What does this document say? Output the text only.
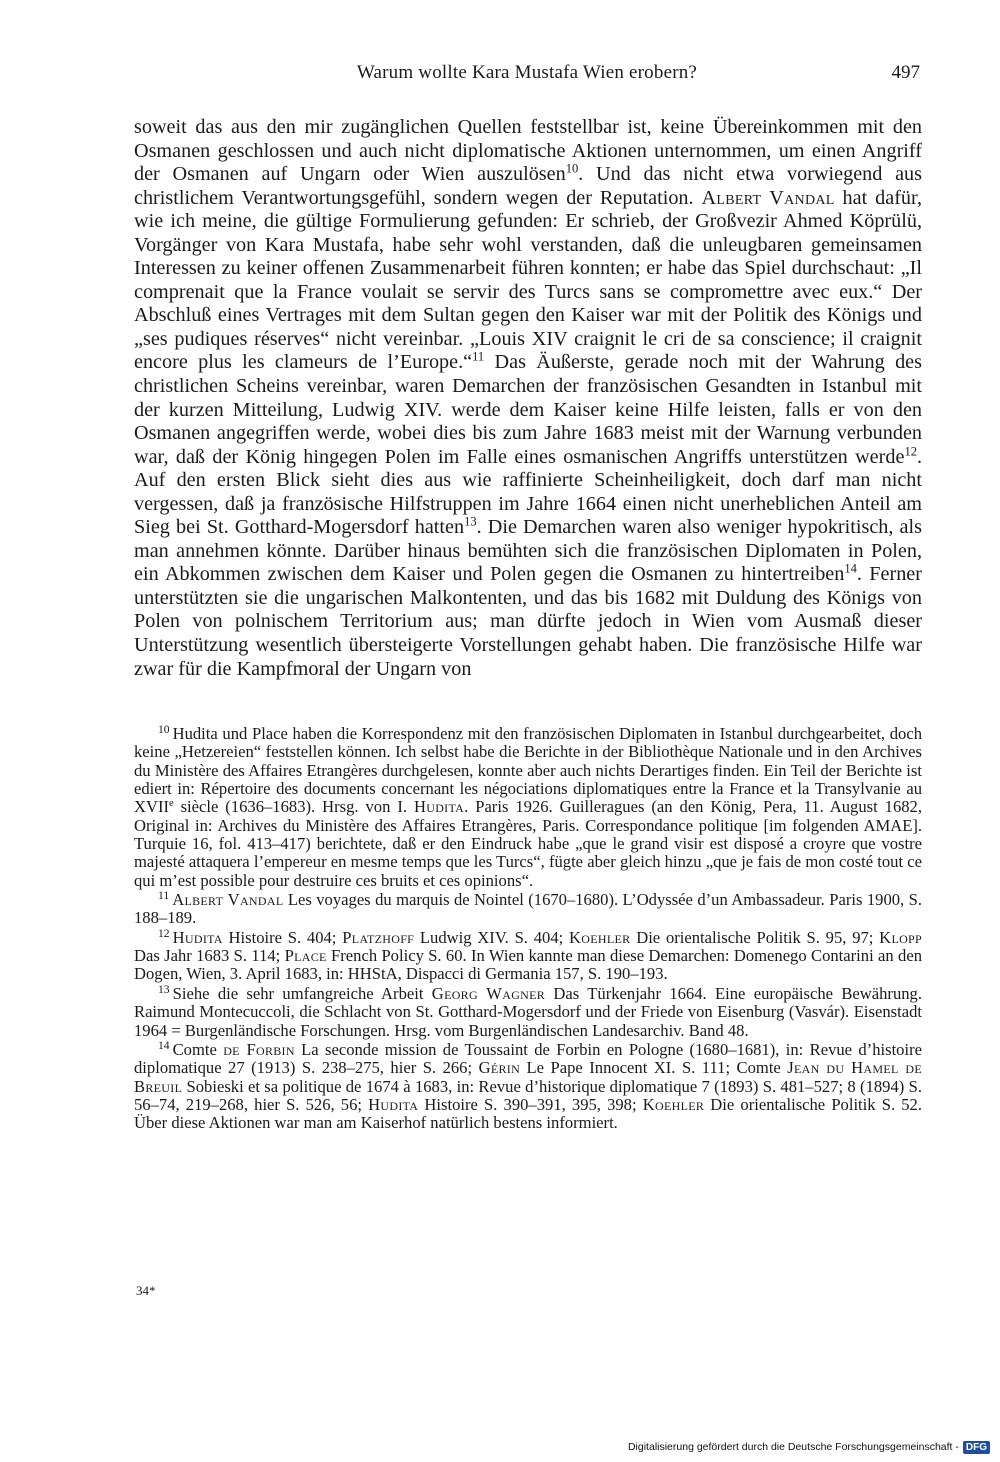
Warum wollte Kara Mustafa Wien erobern?	497

soweit das aus den mir zugänglichen Quellen feststellbar ist, keine Übereinkommen mit den Osmanen geschlossen und auch nicht diplomatische Aktionen unternommen, um einen Angriff der Osmanen auf Ungarn oder Wien auszulösen$^{10}$. Und das nicht etwa vorwiegend aus christlichem Verantwortungsgefühl, sondern wegen der Reputation. Albert Vandal hat dafür, wie ich meine, die gültige Formulierung gefunden: Er schrieb, der Großvezir Ahmed Köprülü, Vorgänger von Kara Mustafa, habe sehr wohl verstanden, daß die unleugbaren gemeinsamen Interessen zu keiner offenen Zusammenarbeit führen konnten; er habe das Spiel durchschaut: „Il comprenait que la France voulait se servir des Turcs sans se compromettre avec eux.“ Der Abschluß eines Vertrages mit dem Sultan gegen den Kaiser war mit der Politik des Königs und „ses pudiques réserves“ nicht vereinbar. „Louis XIV craignit le cri de sa conscience; il craignit encore plus les clameurs de l’Europe.“$^{11}$ Das Äußerste, gerade noch mit der Wahrung des christlichen Scheins vereinbar, waren Demarchen der französischen Gesandten in Istanbul mit der kurzen Mitteilung, Ludwig XIV. werde dem Kaiser keine Hilfe leisten, falls er von den Osmanen angegriffen werde, wobei dies bis zum Jahre 1683 meist mit der Warnung verbunden war, daß der König hingegen Polen im Falle eines osmanischen Angriffs unterstützen werde$^{12}$. Auf den ersten Blick sieht dies aus wie raffinierte Scheinheiligkeit, doch darf man nicht vergessen, daß ja französische Hilfstruppen im Jahre 1664 einen nicht unerheblichen Anteil am Sieg bei St. Gotthard-Mogersdorf hatten$^{13}$. Die Demarchen waren also weniger hypokritisch, als man annehmen könnte. Darüber hinaus bemühten sich die französischen Diplomaten in Polen, ein Abkommen zwischen dem Kaiser und Polen gegen die Osmanen zu hintertreiben$^{14}$. Ferner unterstützten sie die ungarischen Malkontenten, und das bis 1682 mit Duldung des Königs von Polen von polnischem Territorium aus; man dürfte jedoch in Wien vom Ausmaß dieser Unterstützung wesentlich übersteigerte Vorstellungen gehabt haben. Die französische Hilfe war zwar für die Kampfmoral der Ungarn von

$^{10}$ Hudita und Place haben die Korrespondenz mit den französischen Diplomaten in Istanbul durchgearbeitet, doch keine „Hetzereien“ feststellen können. Ich selbst habe die Berichte in der Bibliothèque Nationale und in den Archives du Ministère des Affaires Etrangères durchgelesen, konnte aber auch nichts Derartiges finden. Ein Teil der Berichte ist ediert in: Répertoire des documents concernant les négociations diplomatiques entre la France et la Transylvanie au XVIIe siècle (1636–1683). Hrsg. von I. Hudita. Paris 1926. Guilleragues (an den König, Pera, 11. August 1682, Original in: Archives du Ministère des Affaires Etrangères, Paris. Correspondance politique [im folgenden AMAE]. Turquie 16, fol. 413–417) berichtete, daß er den Eindruck habe „que le grand visir est disposé a croyre que vostre majesté attaquera l’empereur en mesme temps que les Turcs“, fügte aber gleich hinzu „que je fais de mon costé tout ce qui m’est possible pour destruire ces bruits et ces opinions“.

$^{11}$ Albert Vandal Les voyages du marquis de Nointel (1670–1680). L’Odyssée d’un Ambassadeur. Paris 1900, S. 188–189.

$^{12}$ Hudita Histoire S. 404; Platzhoff Ludwig XIV. S. 404; Koehler Die orientalische Politik S. 95, 97; Klopp Das Jahr 1683 S. 114; Place French Policy S. 60. In Wien kannte man diese Demarchen: Domenego Contarini an den Dogen, Wien, 3. April 1683, in: HHStA, Dispacci di Germania 157, S. 190–193.

$^{13}$ Siehe die sehr umfangreiche Arbeit Georg Wagner Das Türkenjahr 1664. Eine europäische Bewährung. Raimund Montecuccoli, die Schlacht von St. Gotthard-Mogersdorf und der Friede von Eisenburg (Vasvár). Eisenstadt 1964 = Burgenländische Forschungen. Hrsg. vom Burgenländischen Landesarchiv. Band 48.

$^{14}$ Comte de Forbin La seconde mission de Toussaint de Forbin en Pologne (1680–1681), in: Revue d’histoire diplomatique 27 (1913) S. 238–275, hier S. 266; Gérin Le Pape Innocent XI. S. 111; Comte Jean du Hamel de Breuil Sobieski et sa politique de 1674 à 1683, in: Revue d’historique diplomatique 7 (1893) S. 481–527; 8 (1894) S. 56–74, 219–268, hier S. 526, 56; Hudita Histoire S. 390–391, 395, 398; Koehler Die orientalische Politik S. 52. Über diese Aktionen war man am Kaiserhof natürlich bestens informiert.

34*
Digitalisierung gefördert durch die Deutsche Forschungsgemeinschaft - DFG
